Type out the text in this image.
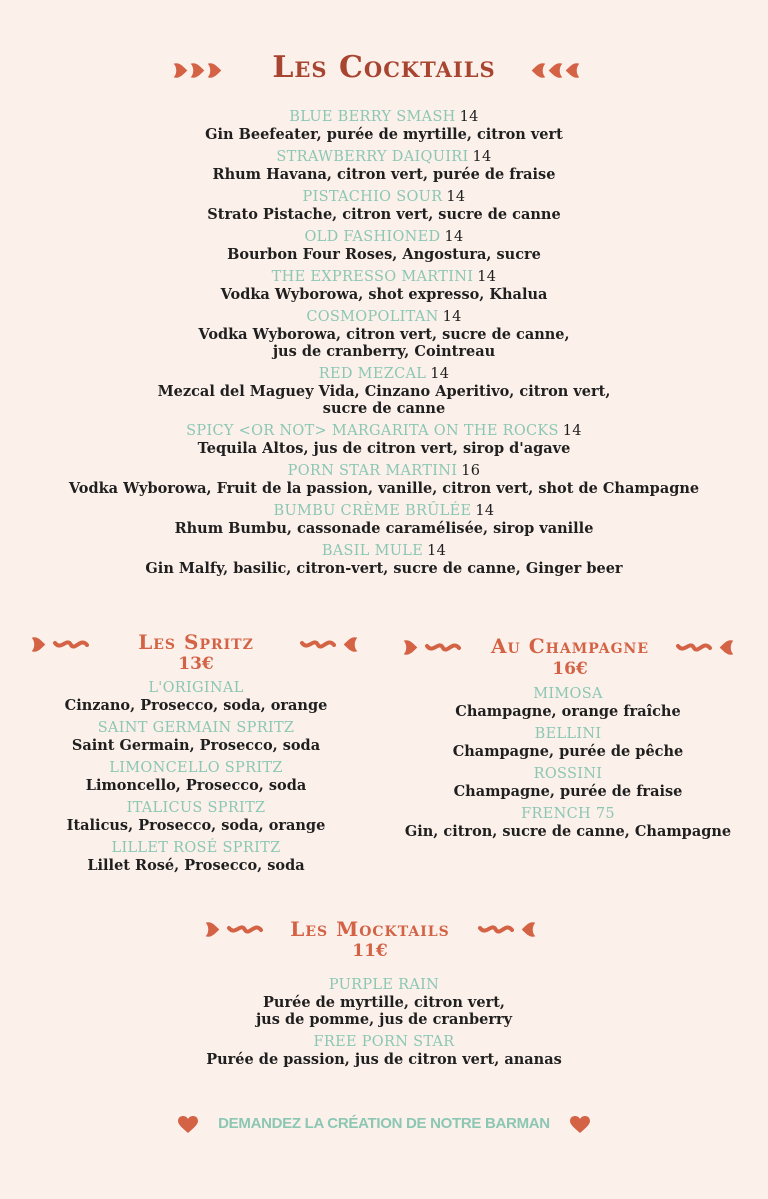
Les Cocktails
BLUE BERRY SMASH 14
Gin Beefeater, purée de myrtille, citron vert
STRAWBERRY DAIQUIRI 14
Rhum Havana, citron vert, purée de fraise
PISTACHIO SOUR 14
Strato Pistache, citron vert, sucre de canne
OLD FASHIONED 14
Bourbon Four Roses, Angostura, sucre
THE EXPRESSO MARTINI 14
Vodka Wyborowa, shot expresso, Khalua
COSMOPOLITAN 14
Vodka Wyborowa, citron vert, sucre de canne,
jus de cranberry, Cointreau
RED MEZCAL 14
Mezcal del Maguey Vida, Cinzano Aperitivo, citron vert,
sucre de canne
SPICY <OR NOT> MARGARITA ON THE ROCKS 14
Tequila Altos, jus de citron vert, sirop d'agave
PORN STAR MARTINI 16
Vodka Wyborowa, Fruit de la passion, vanille, citron vert, shot de Champagne
BUMBU CRÈME BRÛLÉE 14
Rhum Bumbu, cassonade caramélisée, sirop vanille
BASIL MULE 14
Gin Malfy, basilic, citron-vert, sucre de canne, Ginger beer
Les Spritz
13€
L'ORIGINAL
Cinzano, Prosecco, soda, orange
SAINT GERMAIN SPRITZ
Saint Germain, Prosecco, soda
LIMONCELLO SPRITZ
Limoncello, Prosecco, soda
ITALICUS SPRITZ
Italicus, Prosecco, soda, orange
LILLET ROSÉ SPRITZ
Lillet Rosé, Prosecco, soda
Au Champagne
16€
MIMOSA
Champagne, orange fraîche
BELLINI
Champagne, purée de pêche
ROSSINI
Champagne, purée de fraise
FRENCH 75
Gin, citron, sucre de canne, Champagne
Les Mocktails
11€
PURPLE RAIN
Purée de myrtille, citron vert,
jus de pomme, jus de cranberry
FREE PORN STAR
Purée de passion, jus de citron vert, ananas
DEMANDEZ LA CRÉATION DE NOTRE BARMAN
